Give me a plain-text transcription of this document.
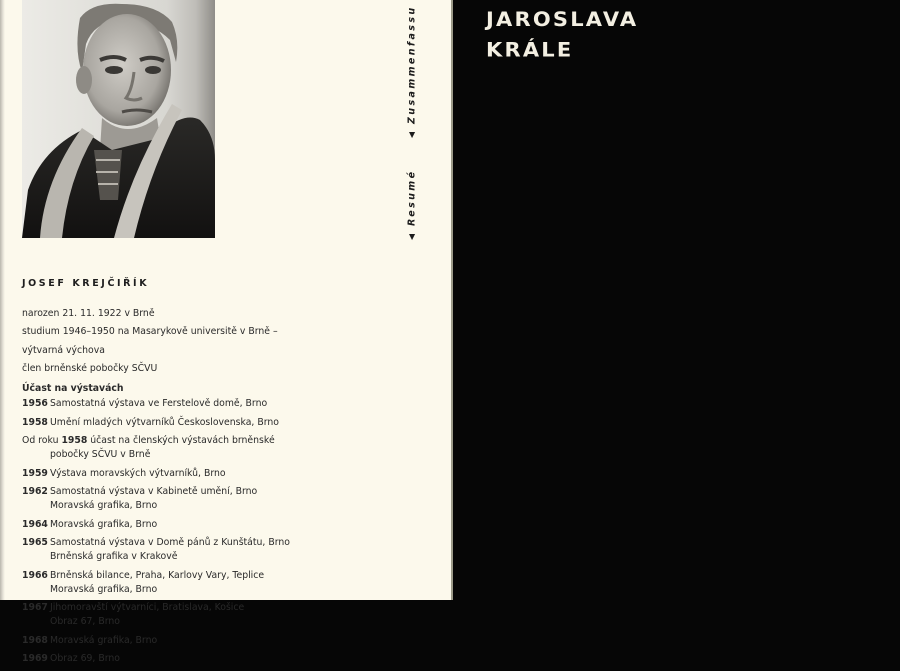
▲
Resumé
▲
Zusammenfassu
JOSEF KREJČIŘÍK
narozen 21. 11. 1922 v Brně
studium 1946–1950 na Masarykově universitě v Brně –
výtvarná výchova
člen brněnské pobočky SČVU
Účast na výstavách
1956 Samostatná výstava ve Ferstelově domě, Brno
1958 Umění mladých výtvarníků Československa, Brno
Od roku 1958 účast na členských výstavách brněnské
pobočky SČVU v Brně
1959 Výstava moravských výtvarníků, Brno
1962 Samostatná výstava v Kabinetě umění, Brno
Moravská grafika, Brno
1964 Moravská grafika, Brno
1965 Samostatná výstava v Domě pánů z Kunštátu, Brno
Brněnská grafika v Krakově
1966 Brněnská bilance, Praha, Karlovy Vary, Teplice
Moravská grafika, Brno
1967 Jihomoravští výtvarníci, Bratislava, Košice
Obraz 67, Brno
1968 Moravská grafika, Brno
1969 Obraz 69, Brno
JAROSLAVA
KRÁLE
